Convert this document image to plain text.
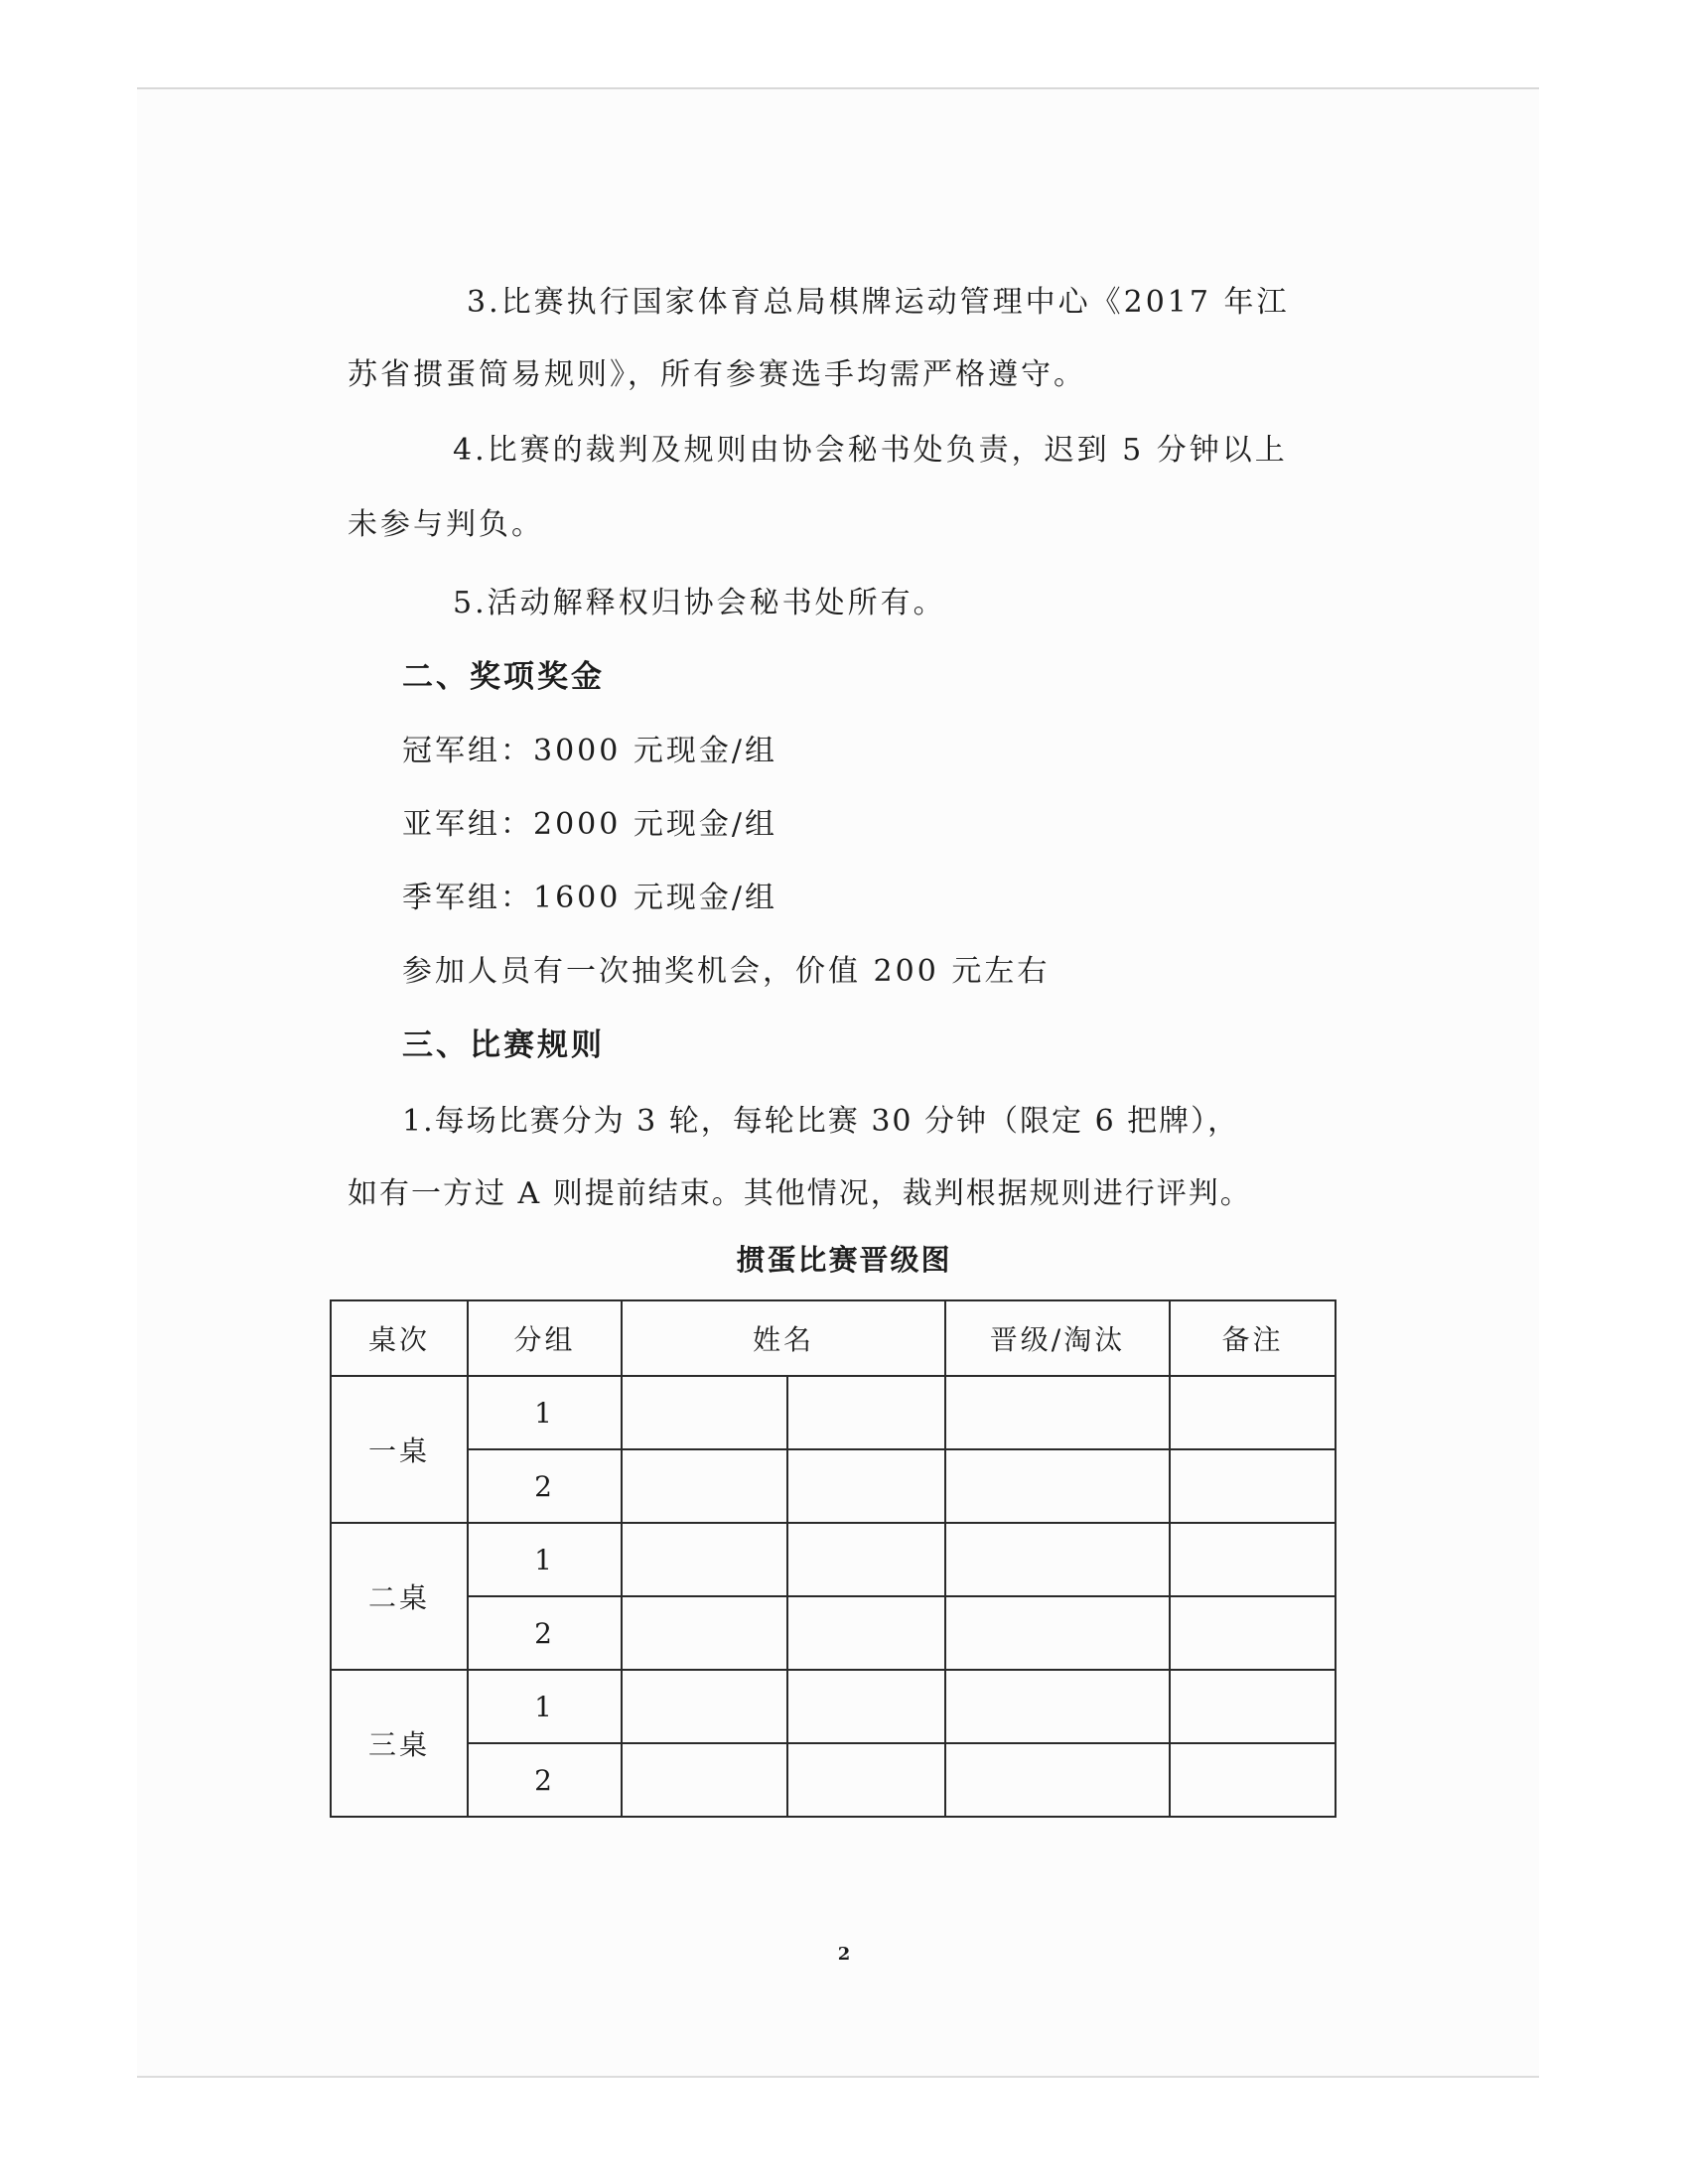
3.比赛执行国家体育总局棋牌运动管理中心《2017 年江
苏省掼蛋简易规则》，所有参赛选手均需严格遵守。
4.比赛的裁判及规则由协会秘书处负责，迟到 5 分钟以上
未参与判负。
5.活动解释权归协会秘书处所有。
二、奖项奖金
冠军组：3000 元现金/组
亚军组：2000 元现金/组
季军组：1600 元现金/组
参加人员有一次抽奖机会，价值 200 元左右
三、比赛规则
1.每场比赛分为 3 轮，每轮比赛 30 分钟（限定 6 把牌），
如有一方过 A 则提前结束。其他情况，裁判根据规则进行评判。
掼蛋比赛晋级图
桌次	分组	姓名		晋级/淘汰	备注
一桌	1				
	2				
二桌	1				
	2				
三桌	1				
	2				
2
